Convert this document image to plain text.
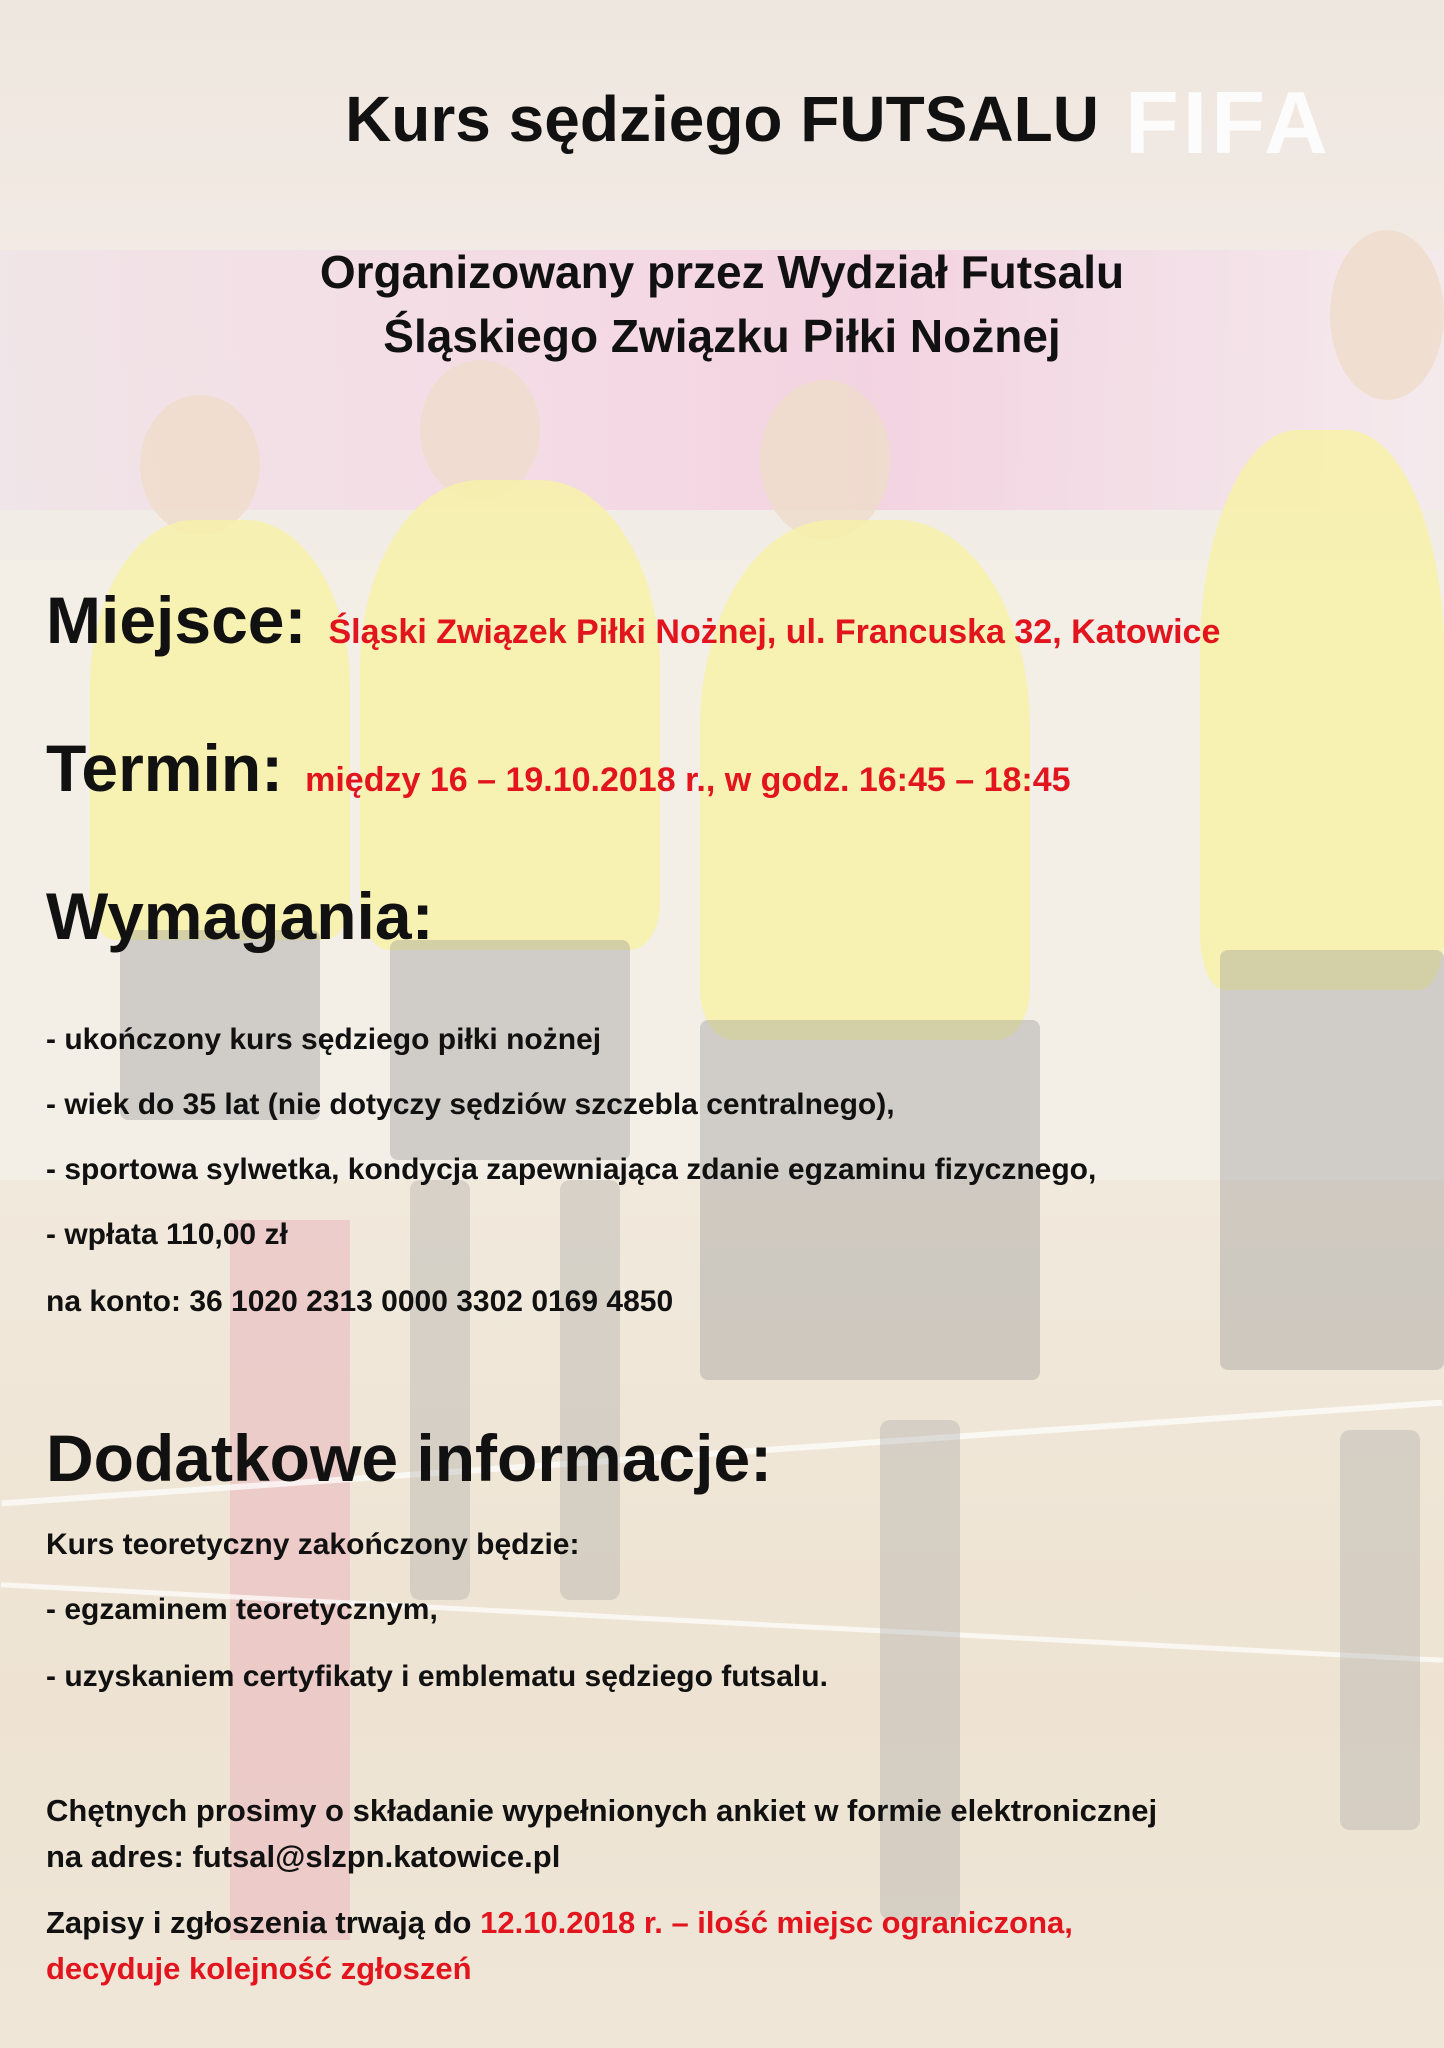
FIFA
Kurs sędziego FUTSALU
Organizowany przez Wydział Futsalu
Śląskiego Związku Piłki Nożnej
Miejsce: Śląski Związek Piłki Nożnej, ul. Francuska 32, Katowice
Termin: między 16 – 19.10.2018 r., w godz. 16:45 – 18:45
Wymagania:
- ukończony kurs sędziego piłki nożnej
- wiek do 35 lat (nie dotyczy sędziów szczebla centralnego),
- sportowa sylwetka, kondycja zapewniająca zdanie egzaminu fizycznego,
- wpłata 110,00 zł
na konto: 36 1020 2313 0000 3302 0169 4850
Dodatkowe informacje:
Kurs teoretyczny zakończony będzie:
- egzaminem teoretycznym,
- uzyskaniem certyfikaty i emblematu sędziego futsalu.
Chętnych prosimy o składanie wypełnionych ankiet w formie elektronicznej
na adres: futsal@slzpn.katowice.pl
Zapisy i zgłoszenia trwają do 12.10.2018 r. – ilość miejsc ograniczona,
decyduje kolejność zgłoszeń
